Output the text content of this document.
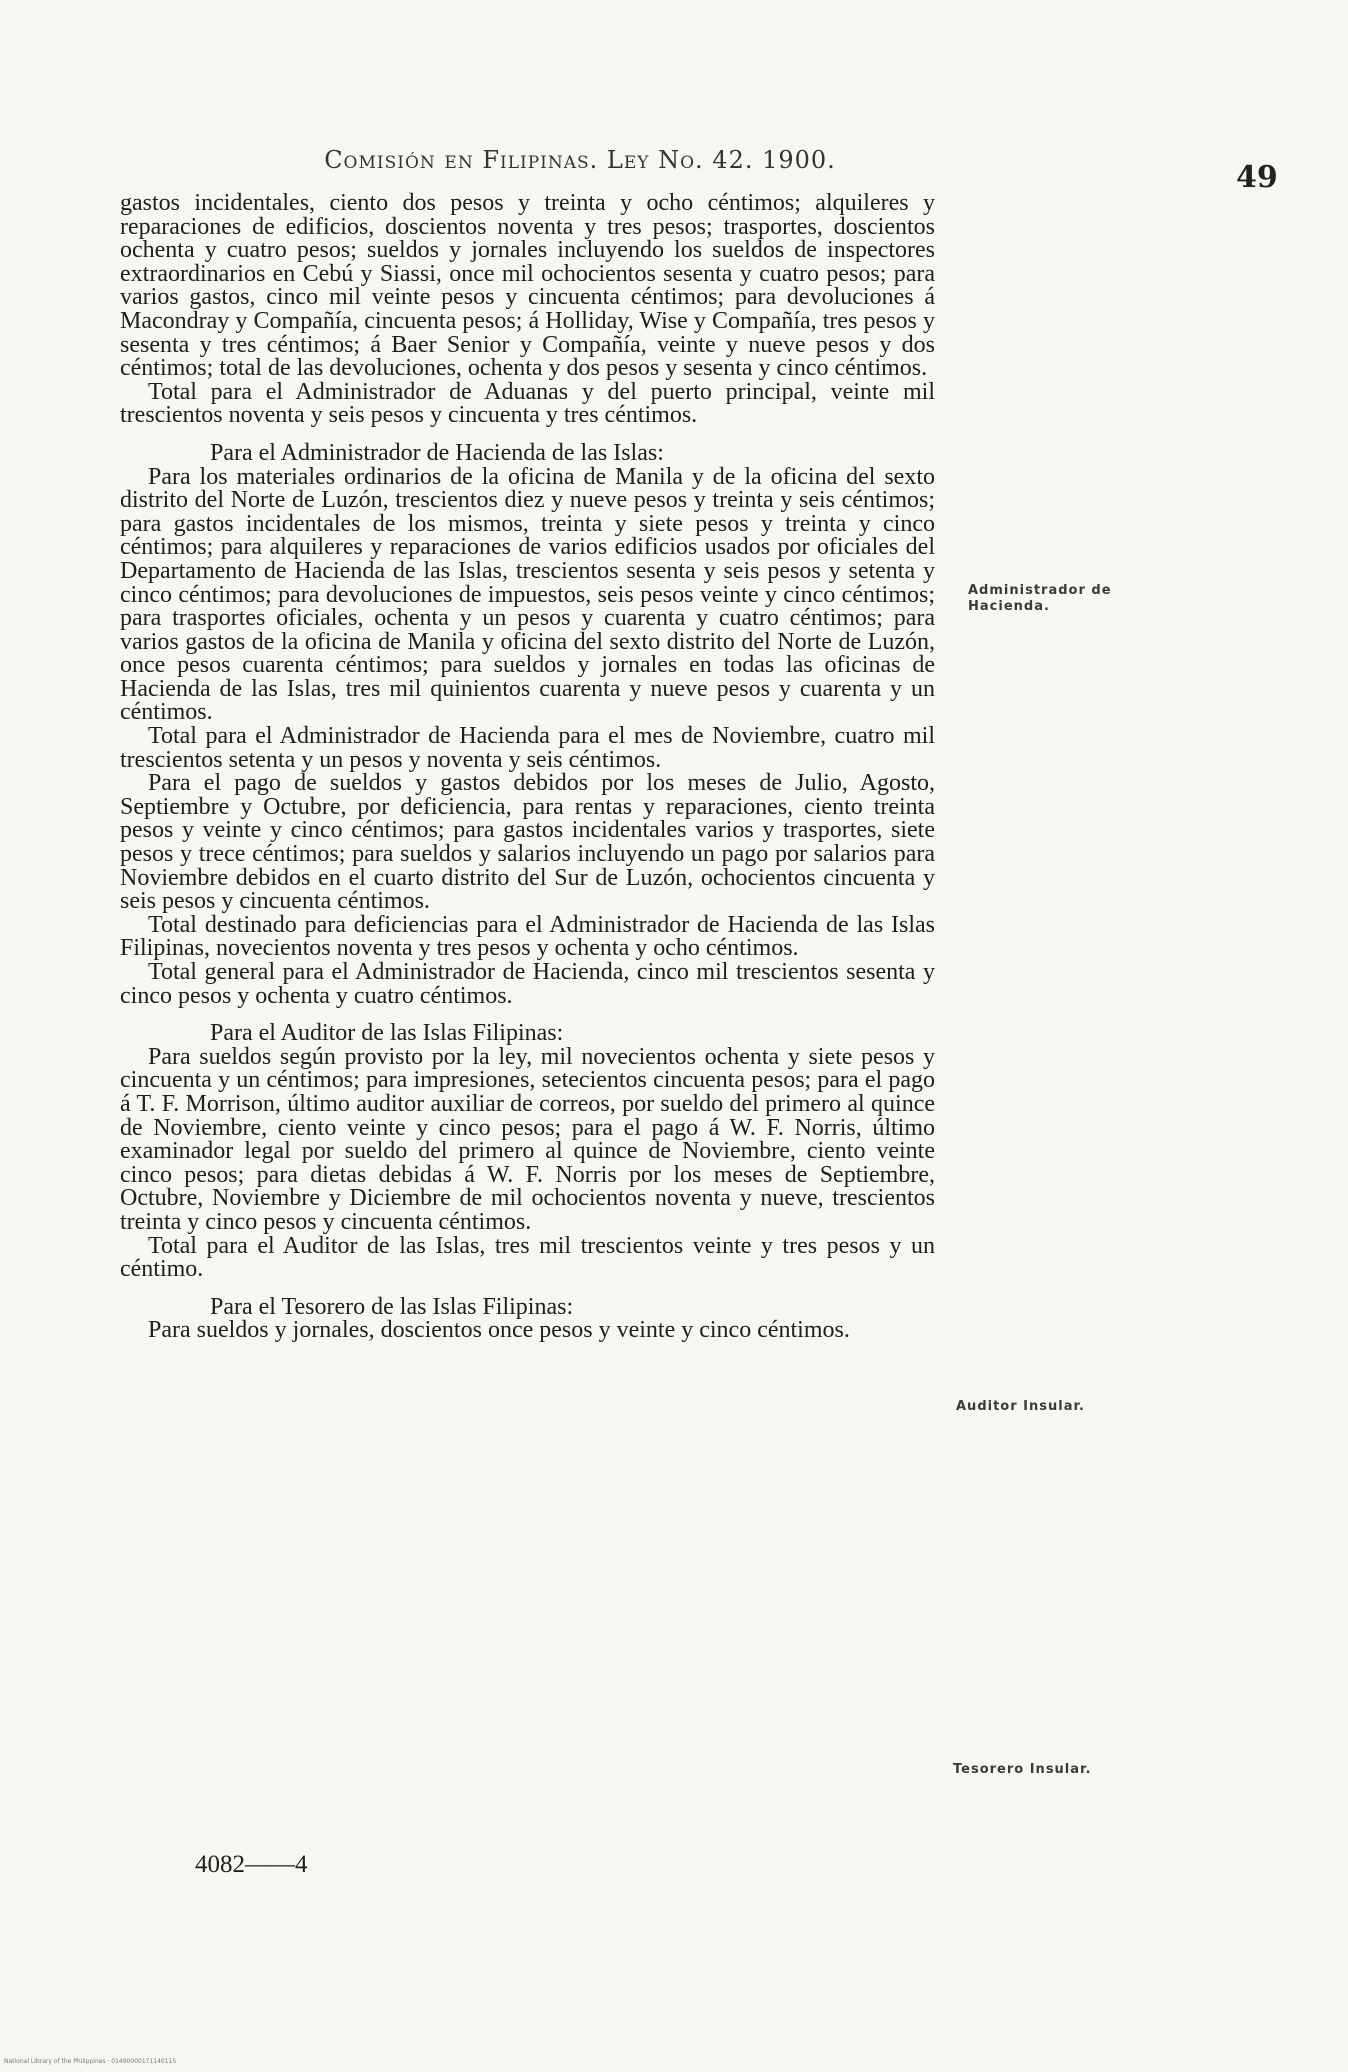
Comisión en Filipinas. Ley No. 42. 1900.	49

gastos incidentales, ciento dos pesos y treinta y ocho céntimos; alquileres y reparaciones de edificios, doscientos noventa y tres pesos; trasportes, doscientos ochenta y cuatro pesos; sueldos y jornales incluyendo los sueldos de inspectores extraordinarios en Cebú y Siassi, once mil ochocientos sesenta y cuatro pesos; para varios gastos, cinco mil veinte pesos y cincuenta céntimos; para devoluciones á Macondray y Compañía, cincuenta pesos; á Holliday, Wise y Compañía, tres pesos y sesenta y tres céntimos; á Baer Senior y Compañía, veinte y nueve pesos y dos céntimos; total de las devoluciones, ochenta y dos pesos y sesenta y cinco céntimos.

Total para el Administrador de Aduanas y del puerto principal, veinte mil trescientos noventa y seis pesos y cincuenta y tres céntimos.

Para el Administrador de Hacienda de las Islas:

Para los materiales ordinarios de la oficina de Manila y de la oficina del sexto distrito del Norte de Luzón, trescientos diez y nueve pesos y treinta y seis céntimos; para gastos incidentales de los mismos, treinta y siete pesos y treinta y cinco céntimos; para alquileres y reparaciones de varios edificios usados por oficiales del Departamento de Hacienda de las Islas, trescientos sesenta y seis pesos y setenta y cinco céntimos; para devoluciones de impuestos, seis pesos veinte y cinco céntimos; para trasportes oficiales, ochenta y un pesos y cuarenta y cuatro céntimos; para varios gastos de la oficina de Manila y oficina del sexto distrito del Norte de Luzón, once pesos cuarenta céntimos; para sueldos y jornales en todas las oficinas de Hacienda de las Islas, tres mil quinientos cuarenta y nueve pesos y cuarenta y un céntimos.

Total para el Administrador de Hacienda para el mes de Noviembre, cuatro mil trescientos setenta y un pesos y noventa y seis céntimos.

Para el pago de sueldos y gastos debidos por los meses de Julio, Agosto, Septiembre y Octubre, por deficiencia, para rentas y reparaciones, ciento treinta pesos y veinte y cinco céntimos; para gastos incidentales varios y trasportes, siete pesos y trece céntimos; para sueldos y salarios incluyendo un pago por salarios para Noviembre debidos en el cuarto distrito del Sur de Luzón, ochocientos cincuenta y seis pesos y cincuenta céntimos.

Total destinado para deficiencias para el Administrador de Hacienda de las Islas Filipinas, novecientos noventa y tres pesos y ochenta y ocho céntimos.

Total general para el Administrador de Hacienda, cinco mil trescientos sesenta y cinco pesos y ochenta y cuatro céntimos.

Para el Auditor de las Islas Filipinas:

Para sueldos según provisto por la ley, mil novecientos ochenta y siete pesos y cincuenta y un céntimos; para impresiones, setecientos cincuenta pesos; para el pago á T. F. Morrison, último auditor auxiliar de correos, por sueldo del primero al quince de Noviembre, ciento veinte y cinco pesos; para el pago á W. F. Norris, último examinador legal por sueldo del primero al quince de Noviembre, ciento veinte cinco pesos; para dietas debidas á W. F. Norris por los meses de Septiembre, Octubre, Noviembre y Diciembre de mil ochocientos noventa y nueve, trescientos treinta y cinco pesos y cincuenta céntimos.

Total para el Auditor de las Islas, tres mil trescientos veinte y tres pesos y un céntimo.

Para el Tesorero de las Islas Filipinas:

Para sueldos y jornales, doscientos once pesos y veinte y cinco céntimos.

Administrador de Hacienda.
Auditor Insular.
Tesorero Insular.
4082——4
National Library of the Philippines · 01490000171140115
